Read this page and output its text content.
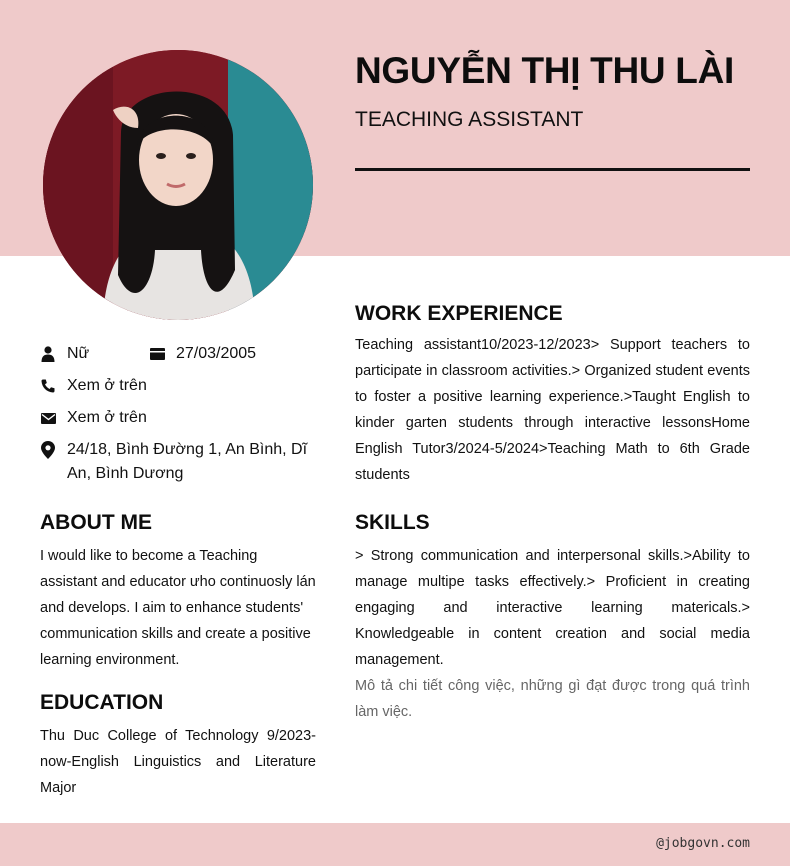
NGUYỄN THỊ THU LÀI
TEACHING ASSISTANT
Nữ	27/03/2005
Xem ở trên
Xem ở trên
24/18, Bình Đường 1, An Bình, Dĩ An, Bình Dương
ABOUT ME
I would like to become a Teaching assistant and educator ưho continuosly lán and develops. I aim to enhance students' communication skills and create a positive learning environment.
EDUCATION
Thu Duc College of Technology 9/2023-now-English Linguistics and Literature Major
WORK EXPERIENCE
Teaching assistant10/2023-12/2023> Support teachers to participate in classroom activities.> Organized student events to foster a positive learning experience.>Taught English to kinder garten students through interactive lessonsHome English Tutor3/2024-5/2024>Teaching Math to 6th Grade students
SKILLS
> Strong communication and interpersonal skills.>Ability to manage multipe tasks effectively.> Proficient in creating engaging and interactive learning matericals.> Knowledgeable in content creation and social media management.
Mô tả chi tiết công việc, những gì đạt được trong quá trình làm việc.
@jobgovn.com
